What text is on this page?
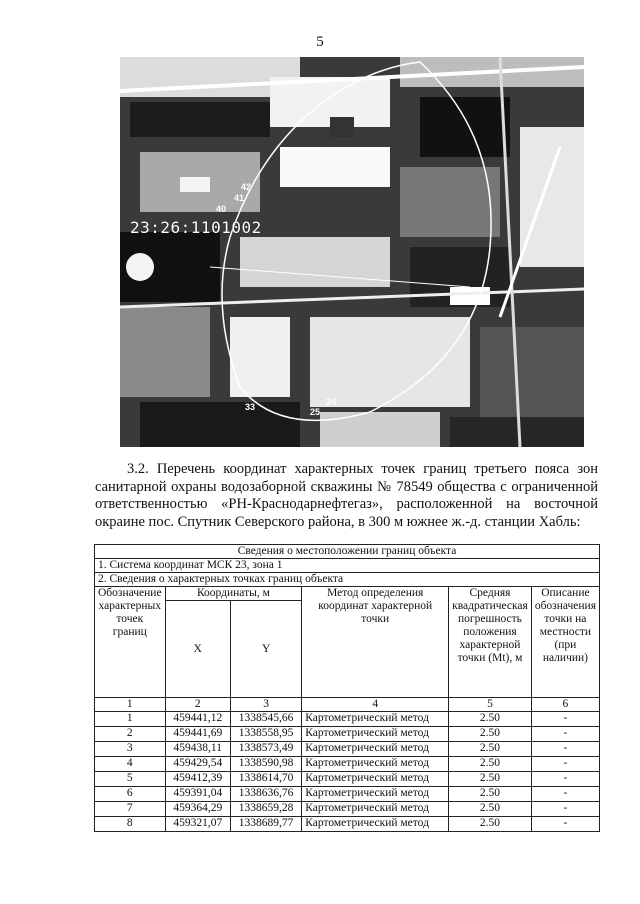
5
23:26:1101002
42
41
40
33	25
24
3.2. Перечень координат характерных точек границ третьего пояса зон санитарной охраны водозаборной скважины № 78549 общества с ограниченной ответственностью «РН-Краснодарнефтегаз», расположенной на восточной окраине пос. Спутник Северского района, в 300 м южнее ж.-д. станции Хабль:
Сведения о местоположении границ объекта					
1. Система координат МСК 23, зона 1					
2. Сведения о характерных точках границ объекта					
Обозначение характерных точек границ	Координаты, м		Метод определения координат характерной точки	Средняя квадратическая погрешность положения характерной точки (Mt), м	Описание обозначения точки на местности (при наличии)
	X	Y			
1	2	3	4	5	6
1	459441,12	1338545,66	Картометрический метод	2.50	-
2	459441,69	1338558,95	Картометрический метод	2.50	-
3	459438,11	1338573,49	Картометрический метод	2.50	-
4	459429,54	1338590,98	Картометрический метод	2.50	-
5	459412,39	1338614,70	Картометрический метод	2.50	-
6	459391,04	1338636,76	Картометрический метод	2.50	-
7	459364,29	1338659,28	Картометрический метод	2.50	-
8	459321,07	1338689,77	Картометрический метод	2.50	-
